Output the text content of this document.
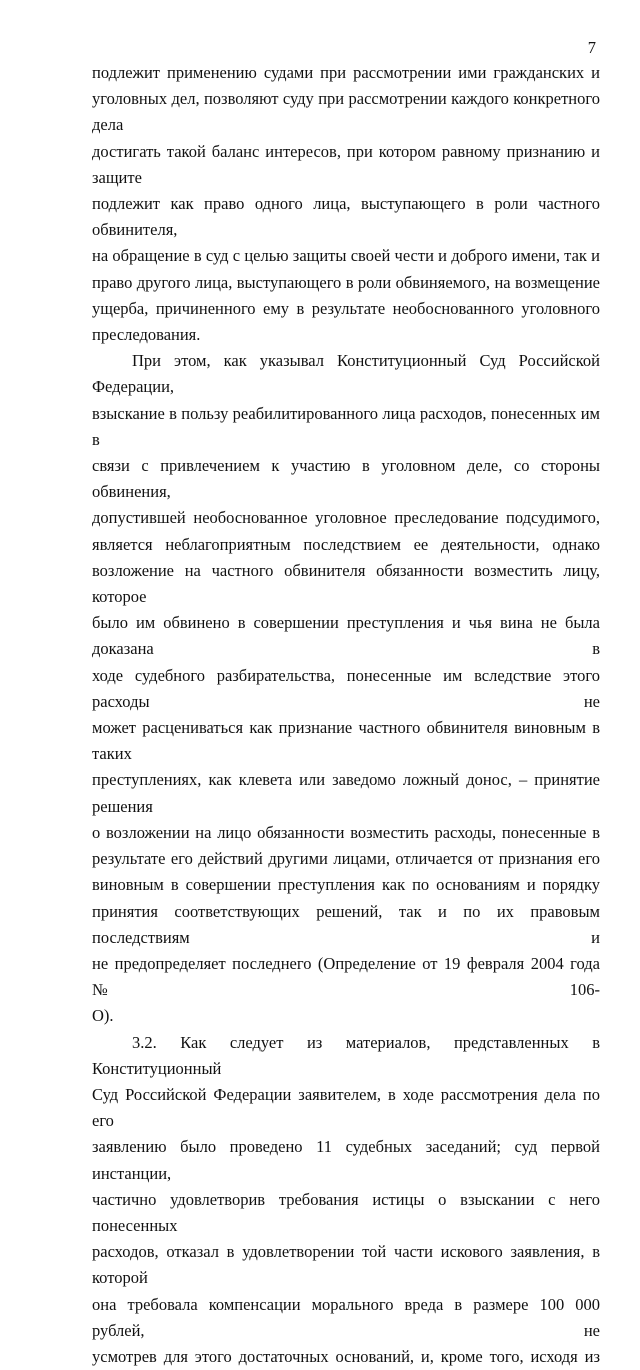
7

подлежит применению судами при рассмотрении ими гражданских и

уголовных дел, позволяют суду при рассмотрении каждого конкретного дела

достигать такой баланс интересов, при котором равному признанию и защите

подлежит как право одного лица, выступающего в роли частного обвинителя,

на обращение в суд с целью защиты своей чести и доброго имени, так и

право другого лица, выступающего в роли обвиняемого, на возмещение

ущерба, причиненного ему в результате необоснованного уголовного

преследования.

При этом, как указывал Конституционный Суд Российской Федерации,

взыскание в пользу реабилитированного лица расходов, понесенных им в

связи с привлечением к участию в уголовном деле, со стороны обвинения,

допустившей необоснованное уголовное преследование подсудимого,

является неблагоприятным последствием ее деятельности, однако

возложение на частного обвинителя обязанности возместить лицу, которое

было им обвинено в совершении преступления и чья вина не была доказана в

ходе судебного разбирательства, понесенные им вследствие этого расходы не

может расцениваться как признание частного обвинителя виновным в таких

преступлениях, как клевета или заведомо ложный донос, – принятие решения

о возложении на лицо обязанности возместить расходы, понесенные в

результате его действий другими лицами, отличается от признания его

виновным в совершении преступления как по основаниям и порядку

принятия соответствующих решений, так и по их правовым последствиям и

не предопределяет последнего (Определение от 19 февраля 2004 года № 106-

О).

3.2. Как следует из материалов, представленных в Конституционный

Суд Российской Федерации заявителем, в ходе рассмотрения дела по его

заявлению было проведено 11 судебных заседаний; суд первой инстанции,

частично удовлетворив требования истицы о взыскании с него понесенных

расходов, отказал в удовлетворении той части искового заявления, в которой

она требовала компенсации морального вреда в размере 100 000 рублей, не

усмотрев для этого достаточных оснований, и, кроме того, исходя из
